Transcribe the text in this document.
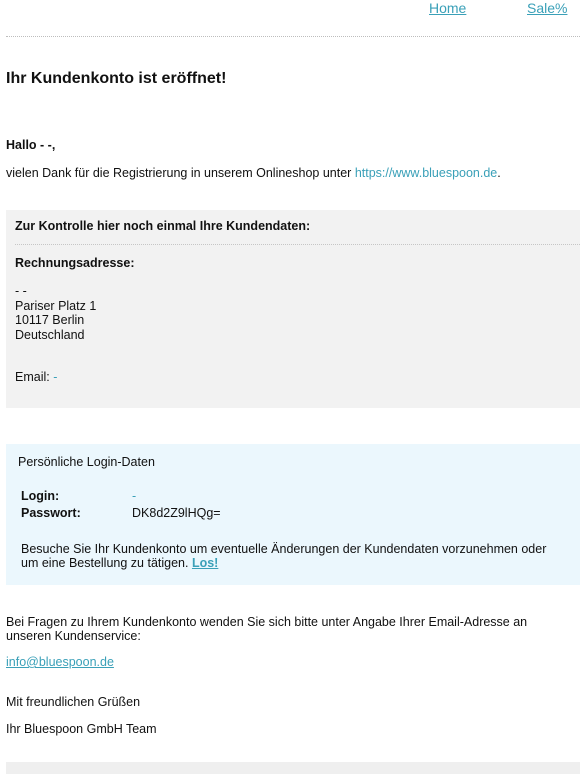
Home	Sale%
Ihr Kundenkonto ist eröffnet!
Hallo - -,
vielen Dank für die Registrierung in unserem Onlineshop unter https://www.bluespoon.de.
Zur Kontrolle hier noch einmal Ihre Kundendaten:
Rechnungsadresse:
- -
Pariser Platz 1
10117 Berlin
Deutschland
Email: -
Persönliche Login-Daten
Login:	-
Passwort:	DK8d2Z9lHQg=
Besuche Sie Ihr Kundenkonto um eventuelle Änderungen der Kundendaten vorzunehmen oder um eine Bestellung zu tätigen. Los!
Bei Fragen zu Ihrem Kundenkonto wenden Sie sich bitte unter Angabe Ihrer Email-Adresse an unseren Kundenservice:
info@bluespoon.de
Mit freundlichen Grüßen
Ihr Bluespoon GmbH Team
